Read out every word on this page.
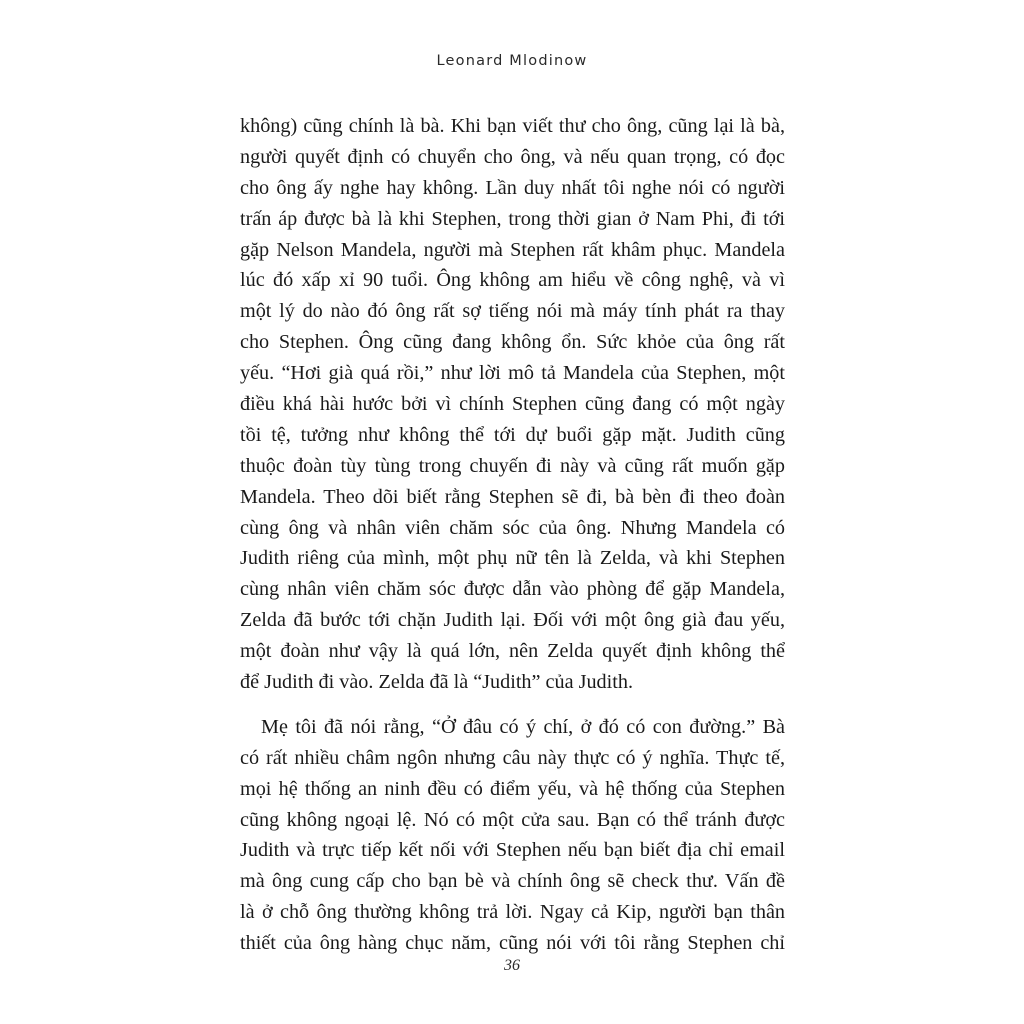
Leonard Mlodinow
không) cũng chính là bà. Khi bạn viết thư cho ông, cũng lại là bà,
người quyết định có chuyển cho ông, và nếu quan trọng, có đọc
cho ông ấy nghe hay không. Lần duy nhất tôi nghe nói có người
trấn áp được bà là khi Stephen, trong thời gian ở Nam Phi, đi tới
gặp Nelson Mandela, người mà Stephen rất khâm phục. Mandela
lúc đó xấp xỉ 90 tuổi. Ông không am hiểu về công nghệ, và vì
một lý do nào đó ông rất sợ tiếng nói mà máy tính phát ra thay
cho Stephen. Ông cũng đang không ổn. Sức khỏe của ông rất
yếu. “Hơi già quá rồi,” như lời mô tả Mandela của Stephen, một
điều khá hài hước bởi vì chính Stephen cũng đang có một ngày
tồi tệ, tưởng như không thể tới dự buổi gặp mặt. Judith cũng
thuộc đoàn tùy tùng trong chuyến đi này và cũng rất muốn gặp
Mandela. Theo dõi biết rằng Stephen sẽ đi, bà bèn đi theo đoàn
cùng ông và nhân viên chăm sóc của ông. Nhưng Mandela có
Judith riêng của mình, một phụ nữ tên là Zelda, và khi Stephen
cùng nhân viên chăm sóc được dẫn vào phòng để gặp Mandela,
Zelda đã bước tới chặn Judith lại. Đối với một ông già đau yếu,
một đoàn như vậy là quá lớn, nên Zelda quyết định không thể
để Judith đi vào. Zelda đã là “Judith” của Judith.
Mẹ tôi đã nói rằng, “Ở đâu có ý chí, ở đó có con đường.” Bà
có rất nhiều châm ngôn nhưng câu này thực có ý nghĩa. Thực tế,
mọi hệ thống an ninh đều có điểm yếu, và hệ thống của Stephen
cũng không ngoại lệ. Nó có một cửa sau. Bạn có thể tránh được
Judith và trực tiếp kết nối với Stephen nếu bạn biết địa chỉ email
mà ông cung cấp cho bạn bè và chính ông sẽ check thư. Vấn đề
là ở chỗ ông thường không trả lời. Ngay cả Kip, người bạn thân
thiết của ông hàng chục năm, cũng nói với tôi rằng Stephen chỉ
36
